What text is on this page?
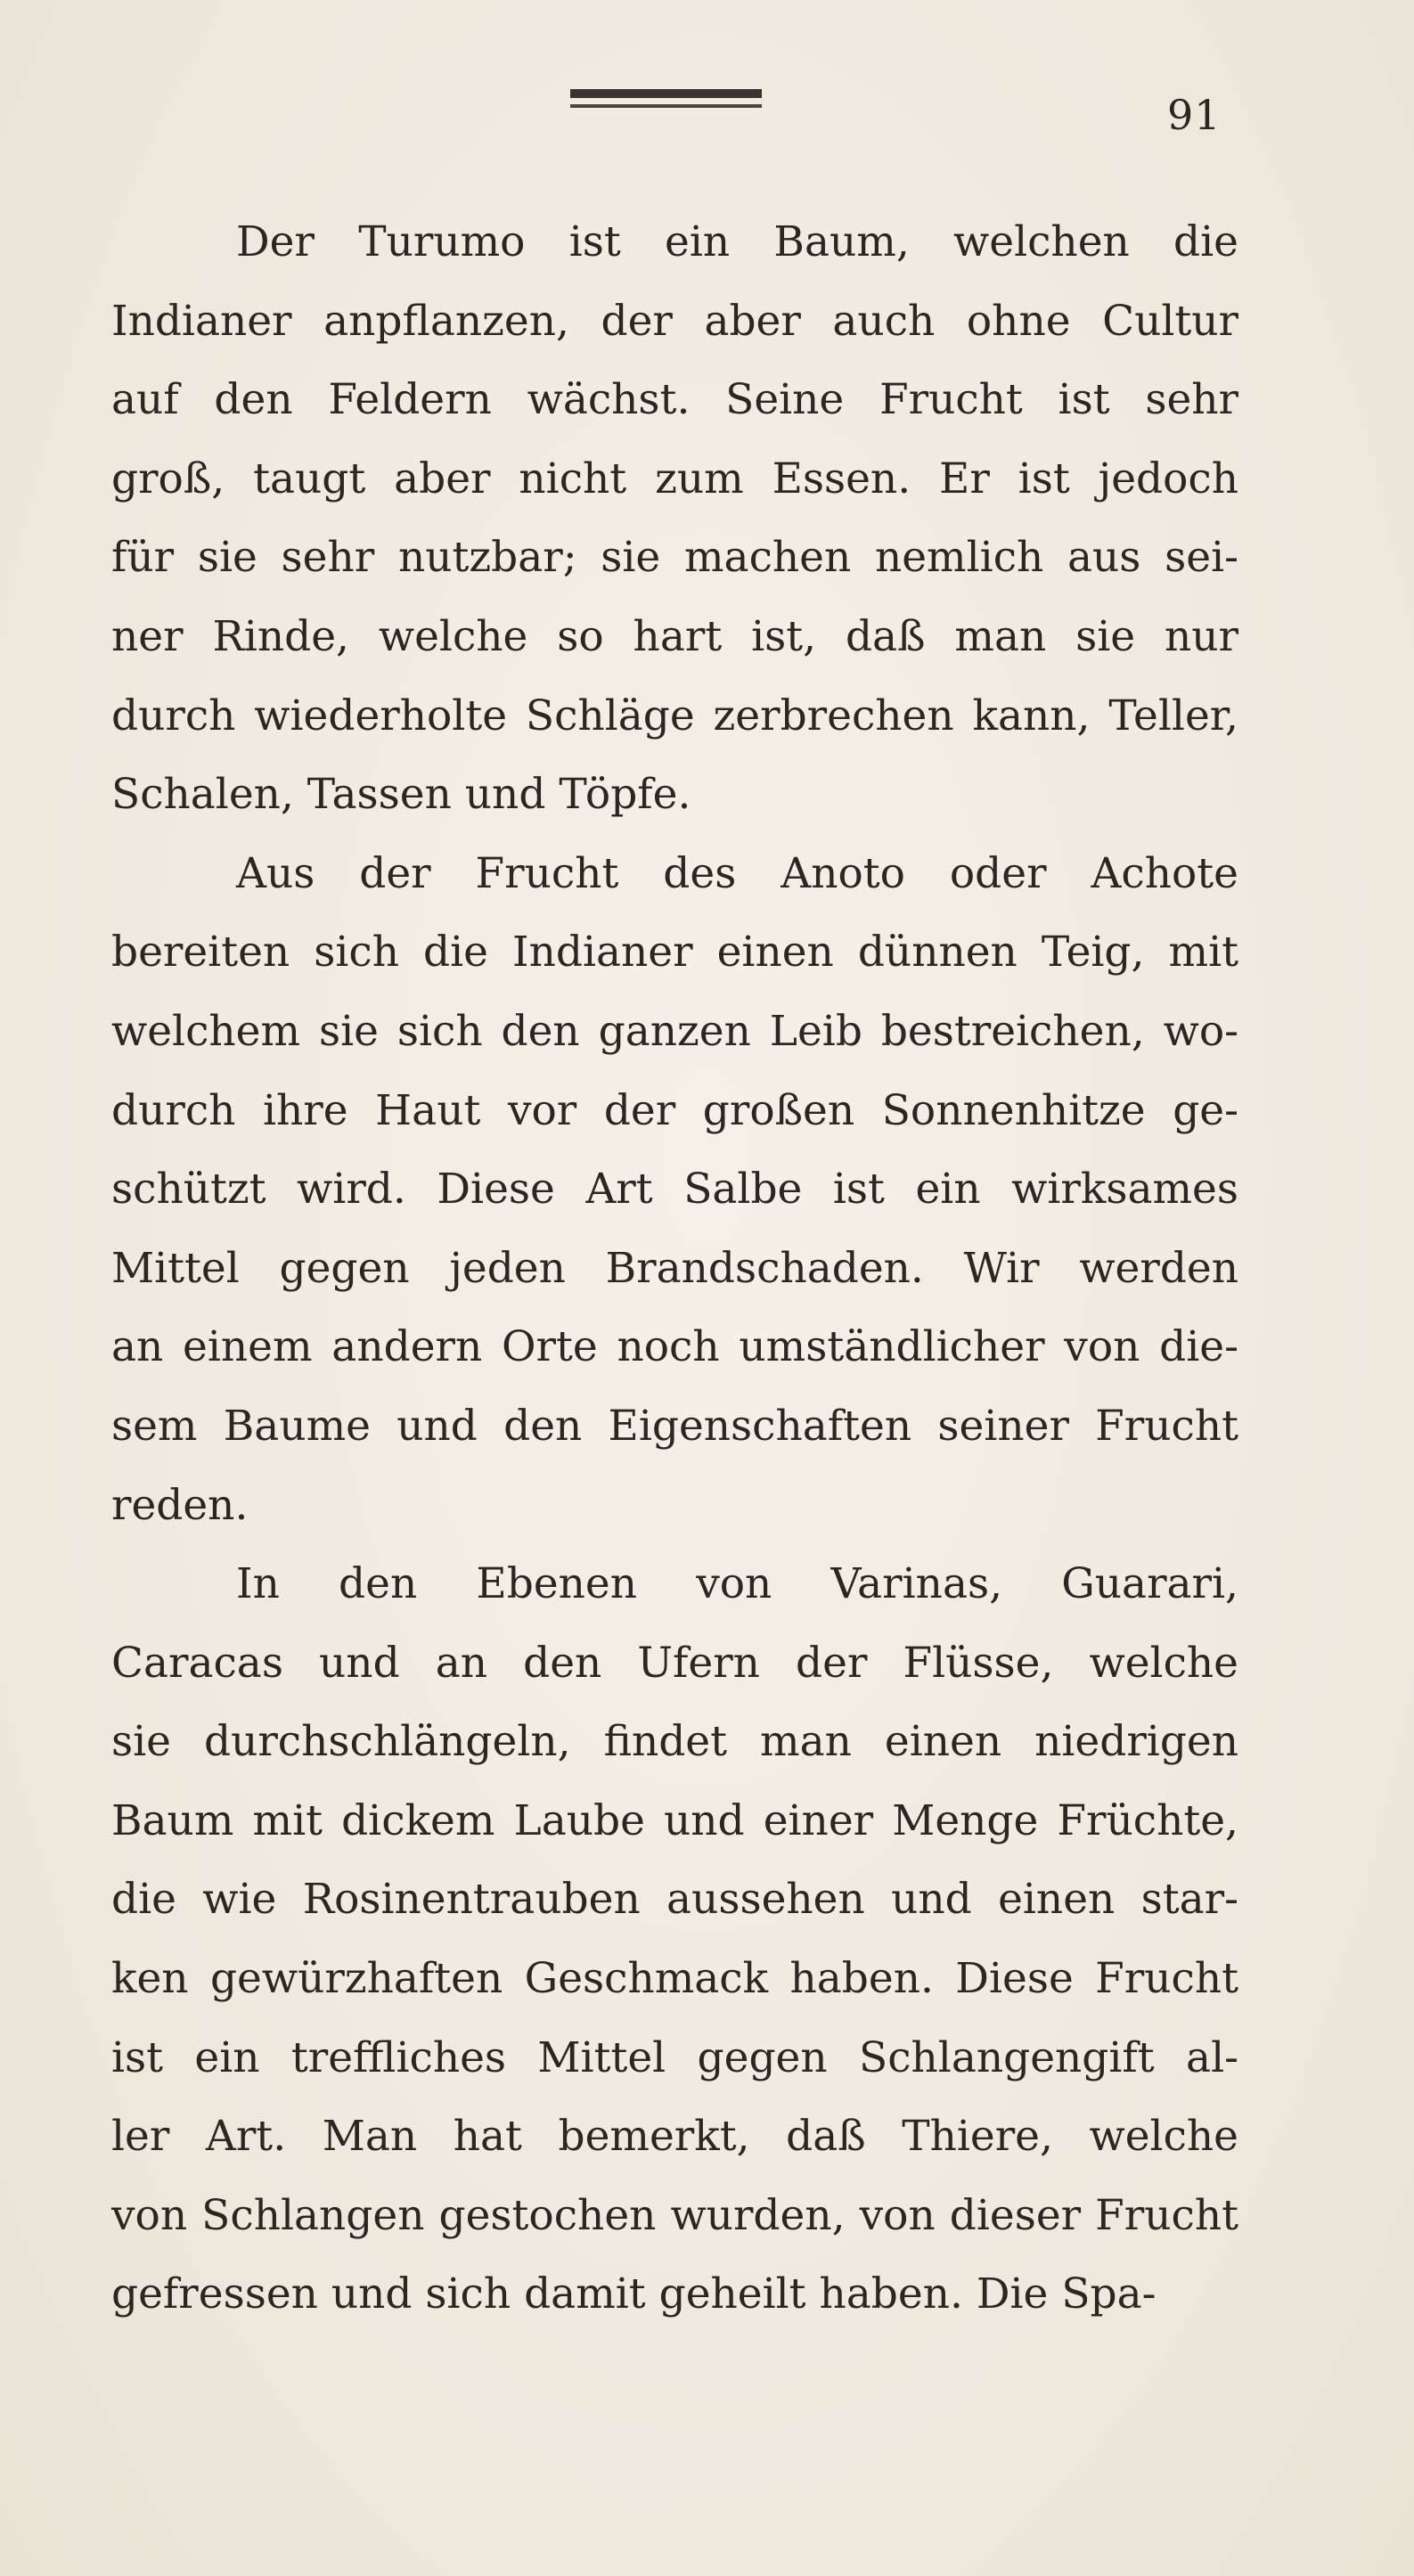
91
Der Turumo ist ein Baum, welchen die
Indianer anpflanzen, der aber auch ohne Cultur
auf den Feldern wächst. Seine Frucht ist sehr
groß, taugt aber nicht zum Essen. Er ist jedoch
für sie sehr nutzbar; sie machen nemlich aus sei-
ner Rinde, welche so hart ist, daß man sie nur
durch wiederholte Schläge zerbrechen kann, Teller,
Schalen, Tassen und Töpfe.
Aus der Frucht des Anoto oder Achote
bereiten sich die Indianer einen dünnen Teig, mit
welchem sie sich den ganzen Leib bestreichen, wo-
durch ihre Haut vor der großen Sonnenhitze ge-
schützt wird. Diese Art Salbe ist ein wirksames
Mittel gegen jeden Brandschaden. Wir werden
an einem andern Orte noch umständlicher von die-
sem Baume und den Eigenschaften seiner Frucht
reden.
In den Ebenen von Varinas, Guarari,
Caracas und an den Ufern der Flüsse, welche
sie durchschlängeln, findet man einen niedrigen
Baum mit dickem Laube und einer Menge Früchte,
die wie Rosinentrauben aussehen und einen star-
ken gewürzhaften Geschmack haben. Diese Frucht
ist ein treffliches Mittel gegen Schlangengift al-
ler Art. Man hat bemerkt, daß Thiere, welche
von Schlangen gestochen wurden, von dieser Frucht
gefressen und sich damit geheilt haben. Die Spa-
